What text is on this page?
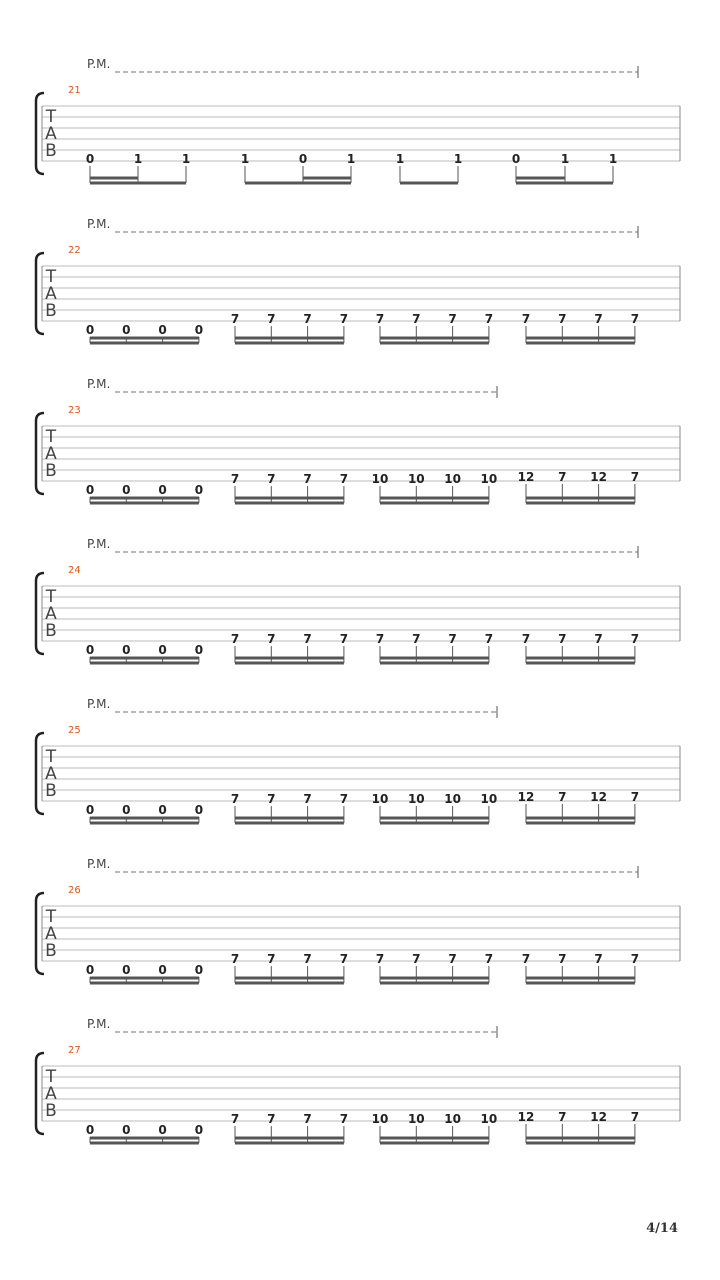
P.M.
21
T
A
B 0	1	1	1	0	1	1	1	0	1	1
P.M.
22
T
A
B
0 0 0 0
7 7 7 7 7 7 7 7 7 7 7 7
P.M.
23
T
A
B
0 0 0 0
7 7 7 7 10 10 10 10 12 7 12 7
P.M.
24
T
A
B
0 0 0 0
7 7 7 7 7 7 7 7 7 7 7 7
P.M.
25
T
A
B
0 0 0 0
7 7 7 7 10 10 10 10 12 7 12 7
P.M.
26
T
A
B
0 0 0 0
7 7 7 7 7 7 7 7 7 7 7 7
P.M.
27
T
A
B
0 0 0 0
7 7 7 7 10 10 10 10 12 7 12 7
4/14
